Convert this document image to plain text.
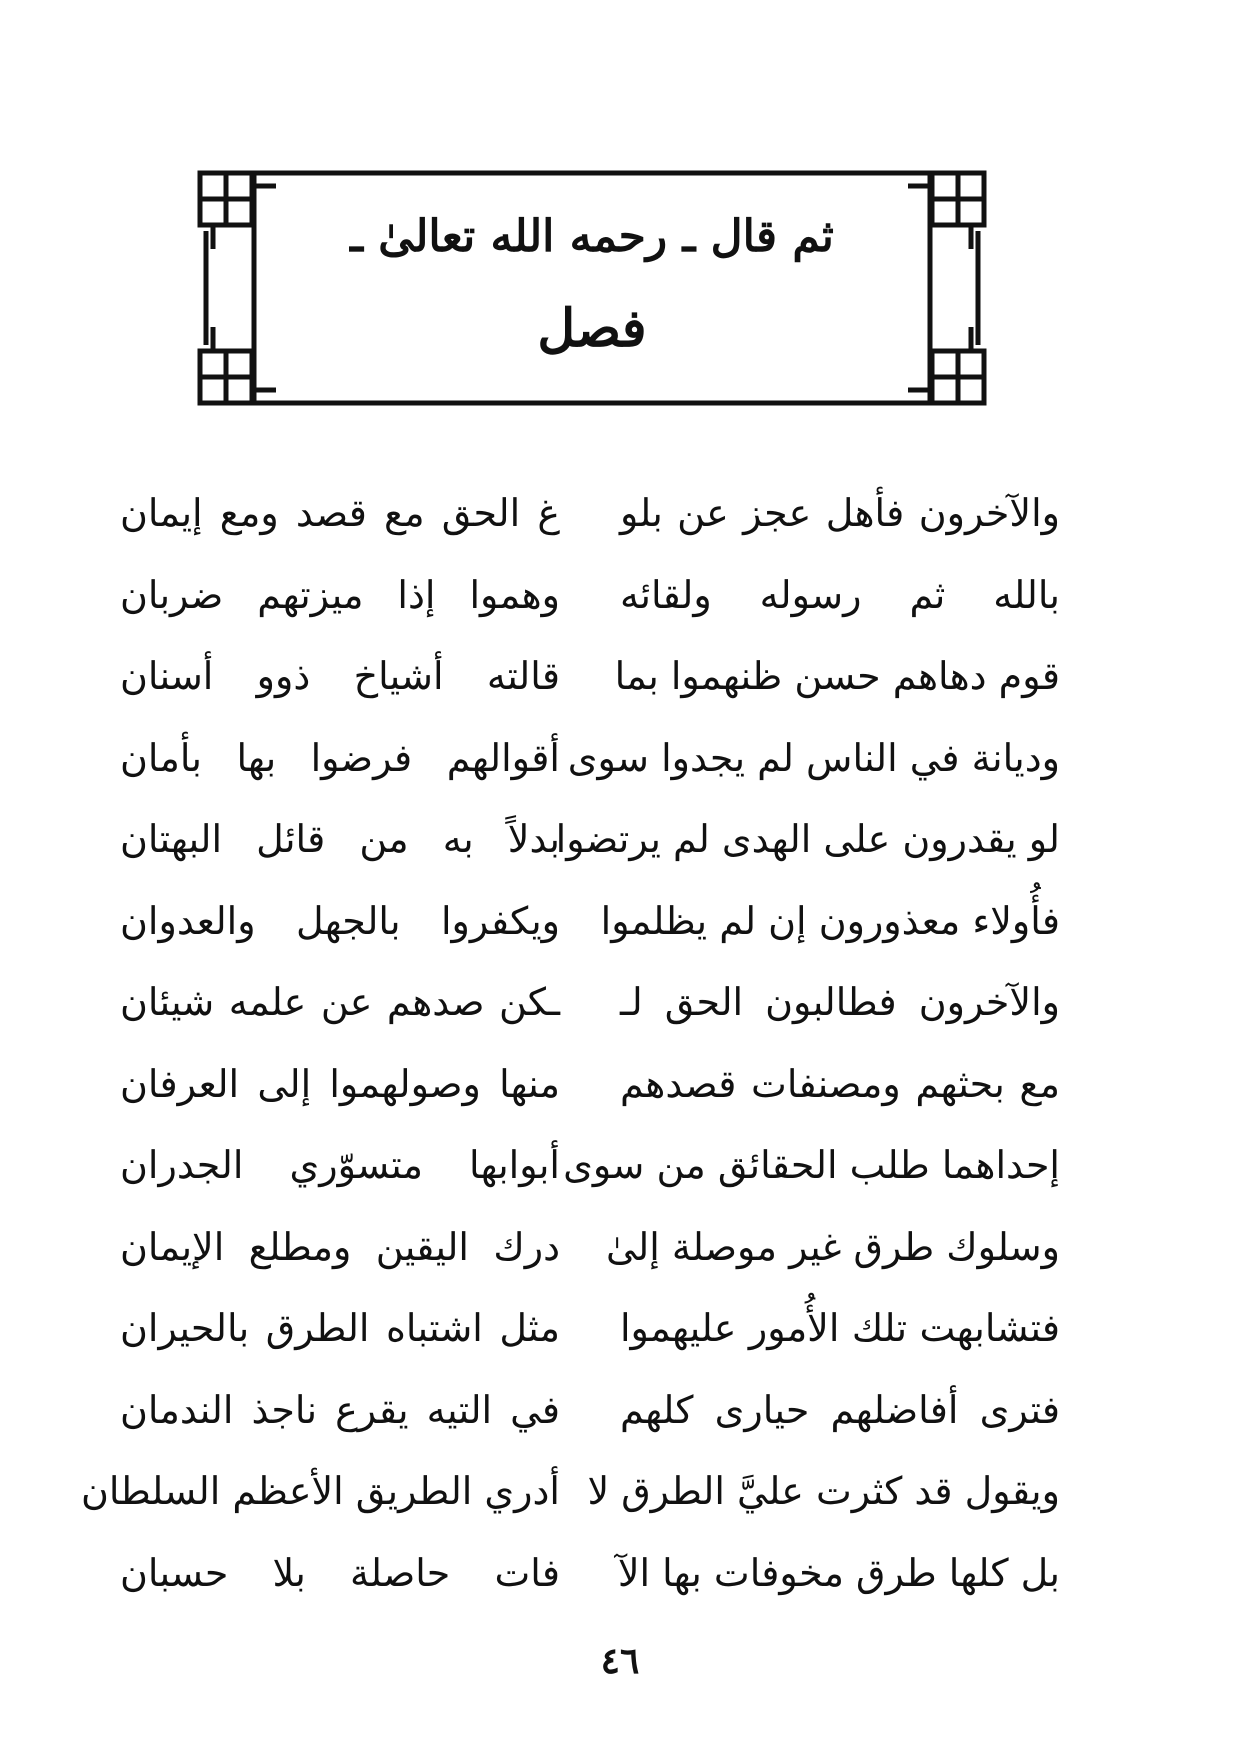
ثم قال ـ رحمه الله تعالىٰ ـ
فصل
والآخرون فأهل عجز عن بلو
غ الحق مع قصد ومع إيمان
بالله ثم رسوله ولقائه
وهموا إذا ميزتهم ضربان
قوم دهاهم حسن ظنهموا بما
قالته أشياخ ذوو أسنان
وديانة في الناس لم يجدوا سوى
أقوالهم فرضوا بها بأمان
لو يقدرون على الهدى لم يرتضوا
بدلاً به من قائل البهتان
فأُولاء معذورون إن لم يظلموا
ويكفروا بالجهل والعدوان
والآخرون فطالبون الحق لـ
ـكن صدهم عن علمه شيئان
مع بحثهم ومصنفات قصدهم
منها وصولهموا إلى العرفان
إحداهما طلب الحقائق من سوى
أبوابها متسوّري الجدران
وسلوك طرق غير موصلة إلىٰ
درك اليقين ومطلع الإيمان
فتشابهت تلك الأُمور عليهموا
مثل اشتباه الطرق بالحيران
فترى أفاضلهم حيارى كلهم
في التيه يقرع ناجذ الندمان
ويقول قد كثرت عليَّ الطرق لا
أدري الطريق الأعظم السلطان
بل كلها طرق مخوفات بها الآ
فات حاصلة بلا حسبان
٤٦
